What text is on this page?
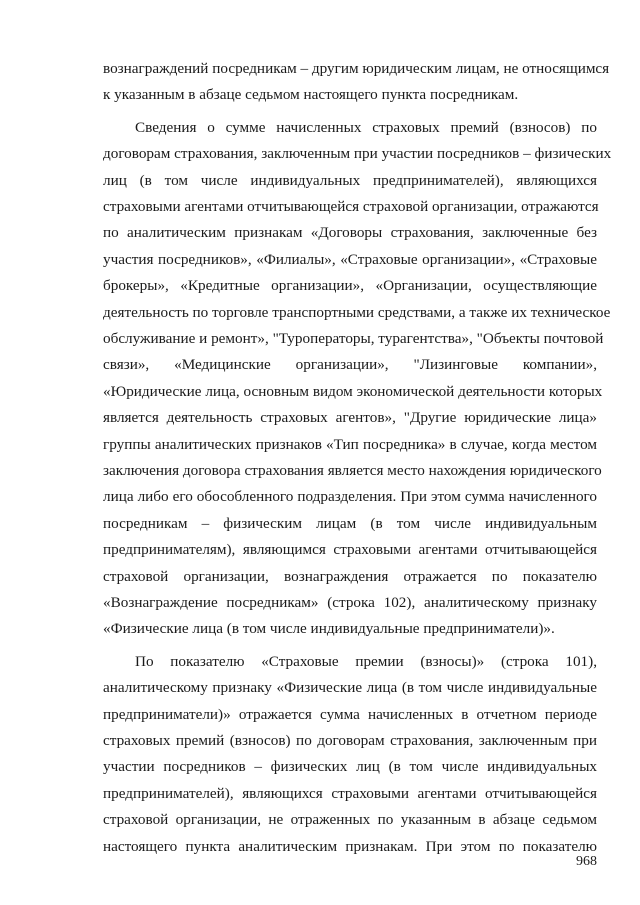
вознаграждений посредникам – другим юридическим лицам, не относящимся
к указанным в абзаце седьмом настоящего пункта посредникам.
Сведения о сумме начисленных страховых премий (взносов) по
договорам страхования, заключенным при участии посредников – физических
лиц (в том числе индивидуальных предпринимателей), являющихся
страховыми агентами отчитывающейся страховой организации, отражаются
по аналитическим признакам «Договоры страхования, заключенные без
участия посредников», «Филиалы», «Страховые организации», «Страховые
брокеры», «Кредитные организации», «Организации, осуществляющие
деятельность по торговле транспортными средствами, а также их техническое
обслуживание и ремонт», "Туроператоры, турагентства», "Объекты почтовой
связи», «Медицинские организации», "Лизинговые компании»,
«Юридические лица, основным видом экономической деятельности которых
является деятельность страховых агентов», "Другие юридические лица»
группы аналитических признаков «Тип посредника» в случае, когда местом
заключения договора страхования является место нахождения юридического
лица либо его обособленного подразделения. При этом сумма начисленного
посредникам – физическим лицам (в том числе индивидуальным
предпринимателям), являющимся страховыми агентами отчитывающейся
страховой организации, вознаграждения отражается по показателю
«Вознаграждение посредникам» (строка 102), аналитическому признаку
«Физические лица (в том числе индивидуальные предприниматели)».
По показателю «Страховые премии (взносы)» (строка 101),
аналитическому признаку «Физические лица (в том числе индивидуальные
предприниматели)» отражается сумма начисленных в отчетном периоде
страховых премий (взносов) по договорам страхования, заключенным при
участии посредников – физических лиц (в том числе индивидуальных
предпринимателей), являющихся страховыми агентами отчитывающейся
страховой организации, не отраженных по указанным в абзаце седьмом
настоящего пункта аналитическим признакам. При этом по показателю
968
